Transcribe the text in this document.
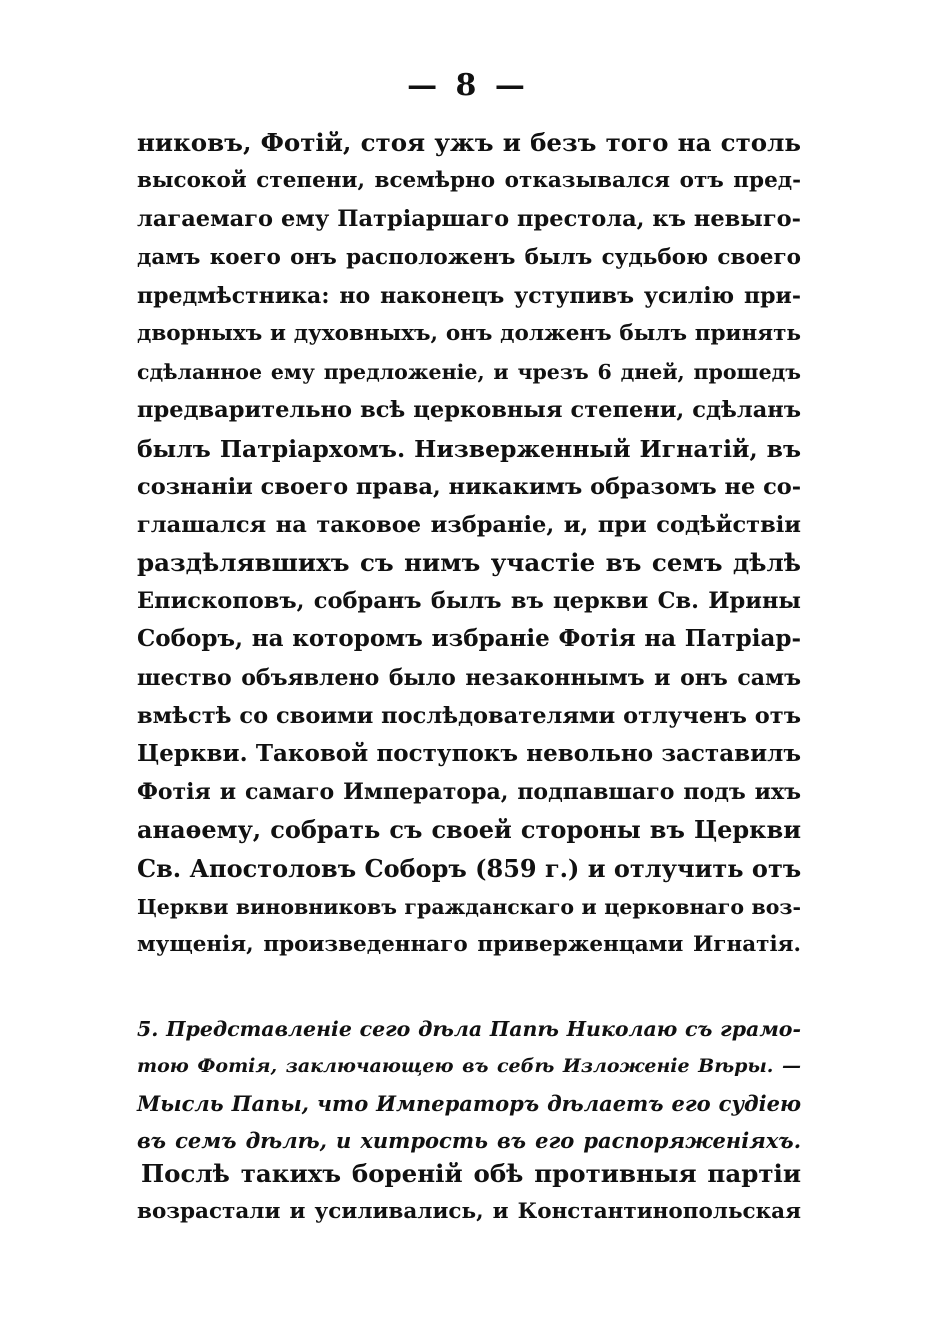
— 8 —
никовъ, Фотій, стоя ужъ и безъ того на столь
высокой степени, всемѣрно отказывался отъ пред-
лагаемаго ему Патріаршаго престола, къ невыго-
дамъ коего онъ расположенъ былъ судьбою своего
предмѣстника: но наконецъ уступивъ усилію при-
дворныхъ и духовныхъ, онъ долженъ былъ принять
сдѣланное ему предложеніе, и чрезъ 6 дней, прошедъ
предварительно всѣ церковныя степени, сдѣланъ
былъ Патріархомъ. Низверженный Игнатій, въ
сознаніи своего права, никакимъ образомъ не со-
глашался на таковое избраніе, и, при содѣйствіи
раздѣлявшихъ съ нимъ участіе въ семъ дѣлѣ
Епископовъ, собранъ былъ въ церкви Св. Ирины
Соборъ, на которомъ избраніе Фотія на Патріар-
шество объявлено было незаконнымъ и онъ самъ
вмѣстѣ со своими послѣдователями отлученъ отъ
Церкви. Таковой поступокъ невольно заставилъ
Фотія и самаго Императора, подпавшаго подъ ихъ
анаѳему, собрать съ своей стороны въ Церкви
Св. Апостоловъ Соборъ (859 г.) и отлучить отъ
Церкви виновниковъ гражданскаго и церковнаго воз-
мущенія, произведеннаго приверженцами Игнатія.
5. Представленіе сего дѣла Папѣ Николаю съ грамо-
тою Фотія, заключающею въ себѣ Изложеніе Вѣры. —
Мысль Папы, что Императоръ дѣлаетъ его судіею
въ семъ дѣлѣ, и хитрость въ его распоряженіяхъ.
Послѣ такихъ бореній обѣ противныя партіи
возрастали и усиливались, и Константинопольская
